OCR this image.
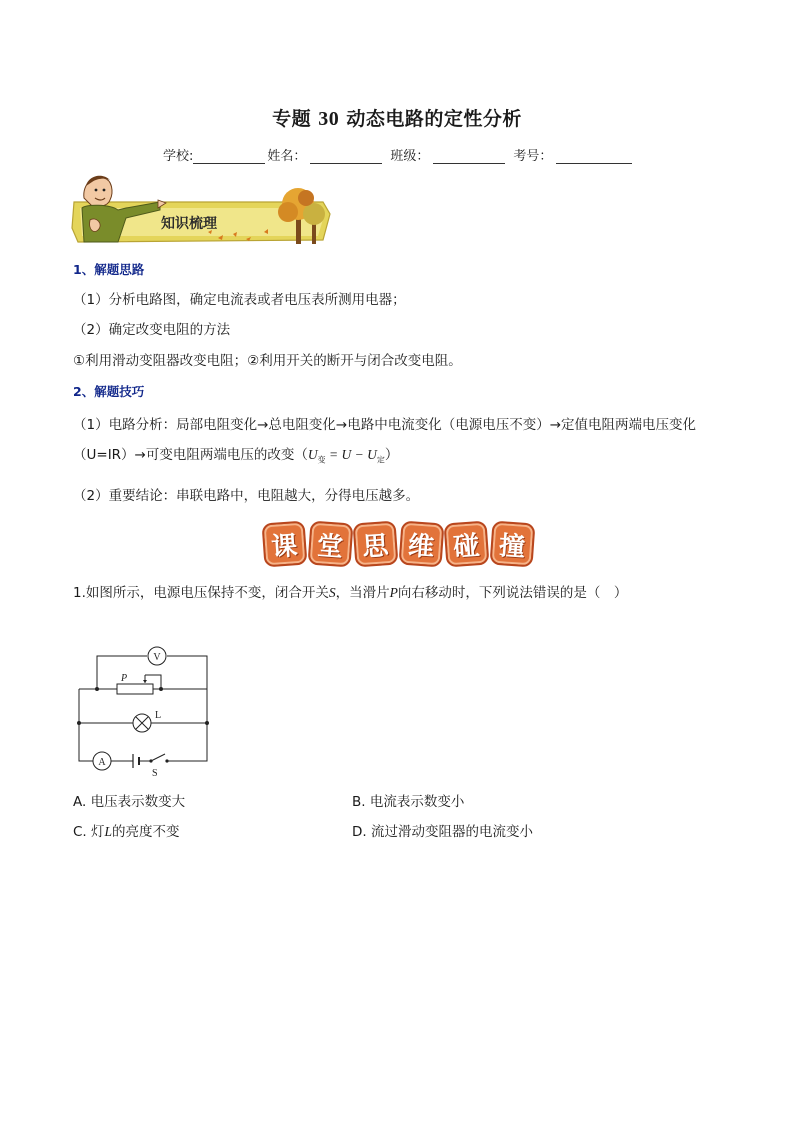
专题 30 动态电路的定性分析
学校:	姓名：	班级：	考号：
知识梳理
1、解题思路
（1）分析电路图，确定电流表或者电压表所测用电器；
（2）确定改变电阻的方法
①利用滑动变阻器改变电阻；②利用开关的断开与闭合改变电阻。
2、解题技巧
（1）电路分析：局部电阻变化→总电阻变化→电路中电流变化（电源电压不变）→定值电阻两端电压变化（U=IR）→可变电阻两端电压的改变$(U_变 = U - U_定)$
（2）重要结论：串联电路中，电阻越大，分得电压越多。
课 堂 思 维 碰 撞
1.如图所示，电源电压保持不变，闭合开关S，当滑片P向右移动时，下列说法错误的是（　）
V
L
A
P
S
A. 电压表示数变大	B. 电流表示数变小
C. 灯L的亮度不变	D. 流过滑动变阻器的电流变小
